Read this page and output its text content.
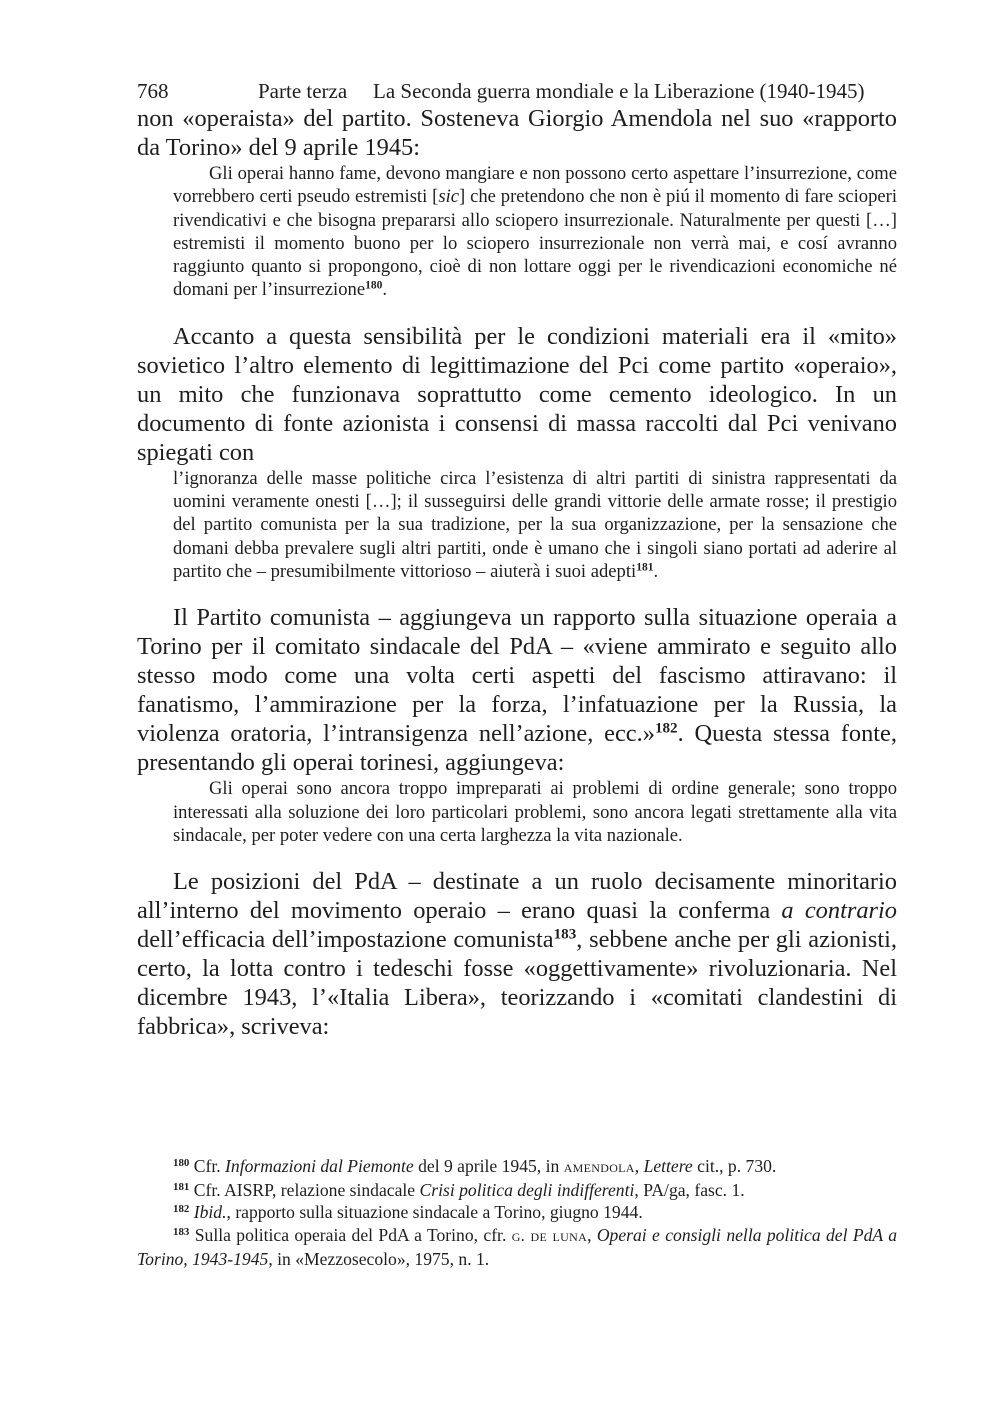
768	Parte terza La Seconda guerra mondiale e la Liberazione (1940-1945)

non «operaista» del partito. Sosteneva Giorgio Amendola nel suo «rapporto da Torino» del 9 aprile 1945:

Gli operai hanno fame, devono mangiare e non possono certo aspettare l’insurrezione, come vorrebbero certi pseudo estremisti [sic] che pretendono che non è piú il momento di fare scioperi rivendicativi e che bisogna prepararsi allo sciopero insurrezionale. Naturalmente per questi […] estremisti il momento buono per lo sciopero insurrezionale non verrà mai, e cosí avranno raggiunto quanto si propongono, cioè di non lottare oggi per le rivendicazioni economiche né domani per l’insurrezione$^{180}$.

Accanto a questa sensibilità per le condizioni materiali era il «mito» sovietico l’altro elemento di legittimazione del Pci come partito «operaio», un mito che funzionava soprattutto come cemento ideologico. In un documento di fonte azionista i consensi di massa raccolti dal Pci venivano spiegati con

l’ignoranza delle masse politiche circa l’esistenza di altri partiti di sinistra rappresentati da uomini veramente onesti […]; il susseguirsi delle grandi vittorie delle armate rosse; il prestigio del partito comunista per la sua tradizione, per la sua organizzazione, per la sensazione che domani debba prevalere sugli altri partiti, onde è umano che i singoli siano portati ad aderire al partito che – presumibilmente vittorioso – aiuterà i suoi adepti$^{181}$.

Il Partito comunista – aggiungeva un rapporto sulla situazione operaia a Torino per il comitato sindacale del PdA – «viene ammirato e seguito allo stesso modo come una volta certi aspetti del fascismo attiravano: il fanatismo, l’ammirazione per la forza, l’infatuazione per la Russia, la violenza oratoria, l’intransigenza nell’azione, ecc.»$^{182}$. Questa stessa fonte, presentando gli operai torinesi, aggiungeva:

Gli operai sono ancora troppo impreparati ai problemi di ordine generale; sono troppo interessati alla soluzione dei loro particolari problemi, sono ancora legati strettamente alla vita sindacale, per poter vedere con una certa larghezza la vita nazionale.

Le posizioni del PdA – destinate a un ruolo decisamente minoritario all’interno del movimento operaio – erano quasi la conferma a contrario dell’efficacia dell’impostazione comunista$^{183}$, sebbene anche per gli azionisti, certo, la lotta contro i tedeschi fosse «oggettivamente» rivoluzionaria. Nel dicembre 1943, l’«Italia Libera», teorizzando i «comitati clandestini di fabbrica», scriveva:

$^{180}$ Cfr. Informazioni dal Piemonte del 9 aprile 1945, in amendola, Lettere cit., p. 730.

$^{181}$ Cfr. AISRP, relazione sindacale Crisi politica degli indifferenti, PA/ga, fasc. 1.

$^{182}$ Ibid., rapporto sulla situazione sindacale a Torino, giugno 1944.

$^{183}$ Sulla politica operaia del PdA a Torino, cfr. g. de luna, Operai e consigli nella politica del PdA a Torino, 1943-1945, in «Mezzosecolo», 1975, n. 1.
